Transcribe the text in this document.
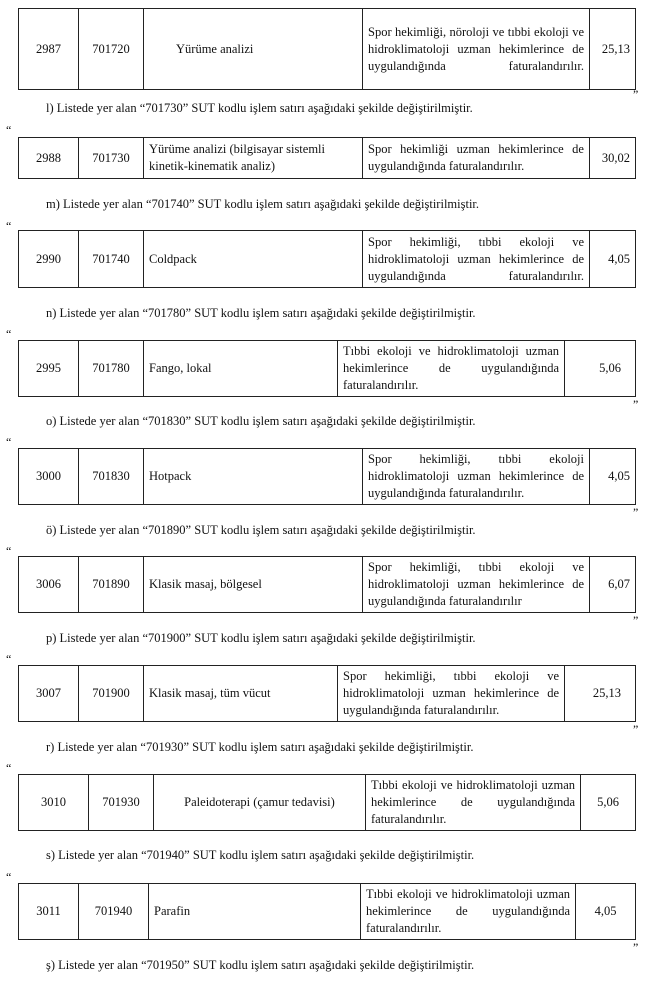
2987	701720	Yürüme analizi	Spor hekimliği, nöroloji ve tıbbi ekoloji ve hidroklimatoloji uzman hekimlerince de uygulandığında faturalandırılır.	25,13
”
l) Listede yer alan “701730” SUT kodlu işlem satırı aşağıdaki şekilde değiştirilmiştir.
“
2988	701730	Yürüme analizi (bilgisayar sistemli kinetik-kinematik analiz)	Spor hekimliği uzman hekimlerince de uygulandığında faturalandırılır.	30,02
m) Listede yer alan “701740” SUT kodlu işlem satırı aşağıdaki şekilde değiştirilmiştir.
“
2990	701740	Coldpack	Spor hekimliği, tıbbi ekoloji ve hidroklimatoloji uzman hekimlerince de uygulandığında faturalandırılır.	4,05
n) Listede yer alan “701780” SUT kodlu işlem satırı aşağıdaki şekilde değiştirilmiştir.
“
2995	701780	Fango, lokal	Tıbbi ekoloji ve hidroklimatoloji uzman hekimlerince de uygulandığında faturalandırılır.	5,06
”
o) Listede yer alan “701830” SUT kodlu işlem satırı aşağıdaki şekilde değiştirilmiştir.
“
3000	701830	Hotpack	Spor hekimliği, tıbbi ekoloji hidroklimatoloji uzman hekimlerince de uygulandığında faturalandırılır.	4,05
”
ö) Listede yer alan “701890” SUT kodlu işlem satırı aşağıdaki şekilde değiştirilmiştir.
“
3006	701890	Klasik masaj, bölgesel	Spor hekimliği, tıbbi ekoloji ve hidroklimatoloji uzman hekimlerince de uygulandığında faturalandırılır	6,07
”
p) Listede yer alan “701900” SUT kodlu işlem satırı aşağıdaki şekilde değiştirilmiştir.
“
3007	701900	Klasik masaj, tüm vücut	Spor hekimliği, tıbbi ekoloji ve hidroklimatoloji uzman hekimlerince de uygulandığında faturalandırılır.	25,13
”
r) Listede yer alan “701930” SUT kodlu işlem satırı aşağıdaki şekilde değiştirilmiştir.
“
3010	701930	Paleidoterapi (çamur tedavisi)	Tıbbi ekoloji ve hidroklimatoloji uzman hekimlerince de uygulandığında faturalandırılır.	5,06
s) Listede yer alan “701940” SUT kodlu işlem satırı aşağıdaki şekilde değiştirilmiştir.
“
3011	701940	Parafin	Tıbbi ekoloji ve hidroklimatoloji uzman hekimlerince de uygulandığında faturalandırılır.	4,05
”
ş) Listede yer alan “701950” SUT kodlu işlem satırı aşağıdaki şekilde değiştirilmiştir.
